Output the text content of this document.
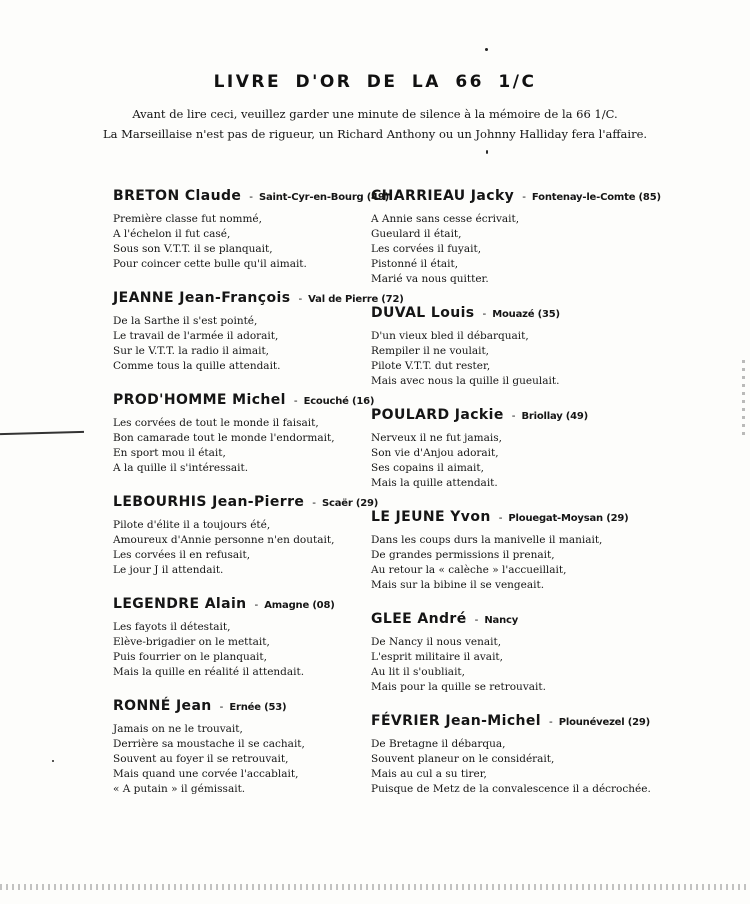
LIVRE D'OR DE LA 66 1/C
Avant de lire ceci, veuillez garder une minute de silence à la mémoire de la 66 1/C.
La Marseillaise n'est pas de rigueur, un Richard Anthony ou un Johnny Halliday fera l'affaire.
BRETON Claude - Saint-Cyr-en-Bourg (49)
Première classe fut nommé,
A l'échelon il fut casé,
Sous son V.T.T. il se planquait,
Pour coincer cette bulle qu'il aimait.
JEANNE Jean-François - Val de Pierre (72)
De la Sarthe il s'est pointé,
Le travail de l'armée il adorait,
Sur le V.T.T. la radio il aimait,
Comme tous la quille attendait.
PROD'HOMME Michel - Ecouché (16)
Les corvées de tout le monde il faisait,
Bon camarade tout le monde l'endormait,
En sport mou il était,
A la quille il s'intéressait.
LEBOURHIS Jean-Pierre - Scaër (29)
Pilote d'élite il a toujours été,
Amoureux d'Annie personne n'en doutait,
Les corvées il en refusait,
Le jour J il attendait.
LEGENDRE Alain - Amagne (08)
Les fayots il détestait,
Elève-brigadier on le mettait,
Puis fourrier on le planquait,
Mais la quille en réalité il attendait.
RONNÉ Jean - Ernée (53)
Jamais on ne le trouvait,
Derrière sa moustache il se cachait,
Souvent au foyer il se retrouvait,
Mais quand une corvée l'accablait,
« A putain » il gémissait.
CHARRIEAU Jacky - Fontenay-le-Comte (85)
A Annie sans cesse écrivait,
Gueulard il était,
Les corvées il fuyait,
Pistonné il était,
Marié va nous quitter.
DUVAL Louis - Mouazé (35)
D'un vieux bled il débarquait,
Rempiler il ne voulait,
Pilote V.T.T. dut rester,
Mais avec nous la quille il gueulait.
POULARD Jackie - Briollay (49)
Nerveux il ne fut jamais,
Son vie d'Anjou adorait,
Ses copains il aimait,
Mais la quille attendait.
LE JEUNE Yvon - Plouegat-Moysan (29)
Dans les coups durs la manivelle il maniait,
De grandes permissions il prenait,
Au retour la « calèche » l'accueillait,
Mais sur la bibine il se vengeait.
GLEE André - Nancy
De Nancy il nous venait,
L'esprit militaire il avait,
Au lit il s'oubliait,
Mais pour la quille se retrouvait.
FÉVRIER Jean-Michel - Plounévezel (29)
De Bretagne il débarqua,
Souvent planeur on le considérait,
Mais au cul a su tirer,
Puisque de Metz de la convalescence il a décrochée.
